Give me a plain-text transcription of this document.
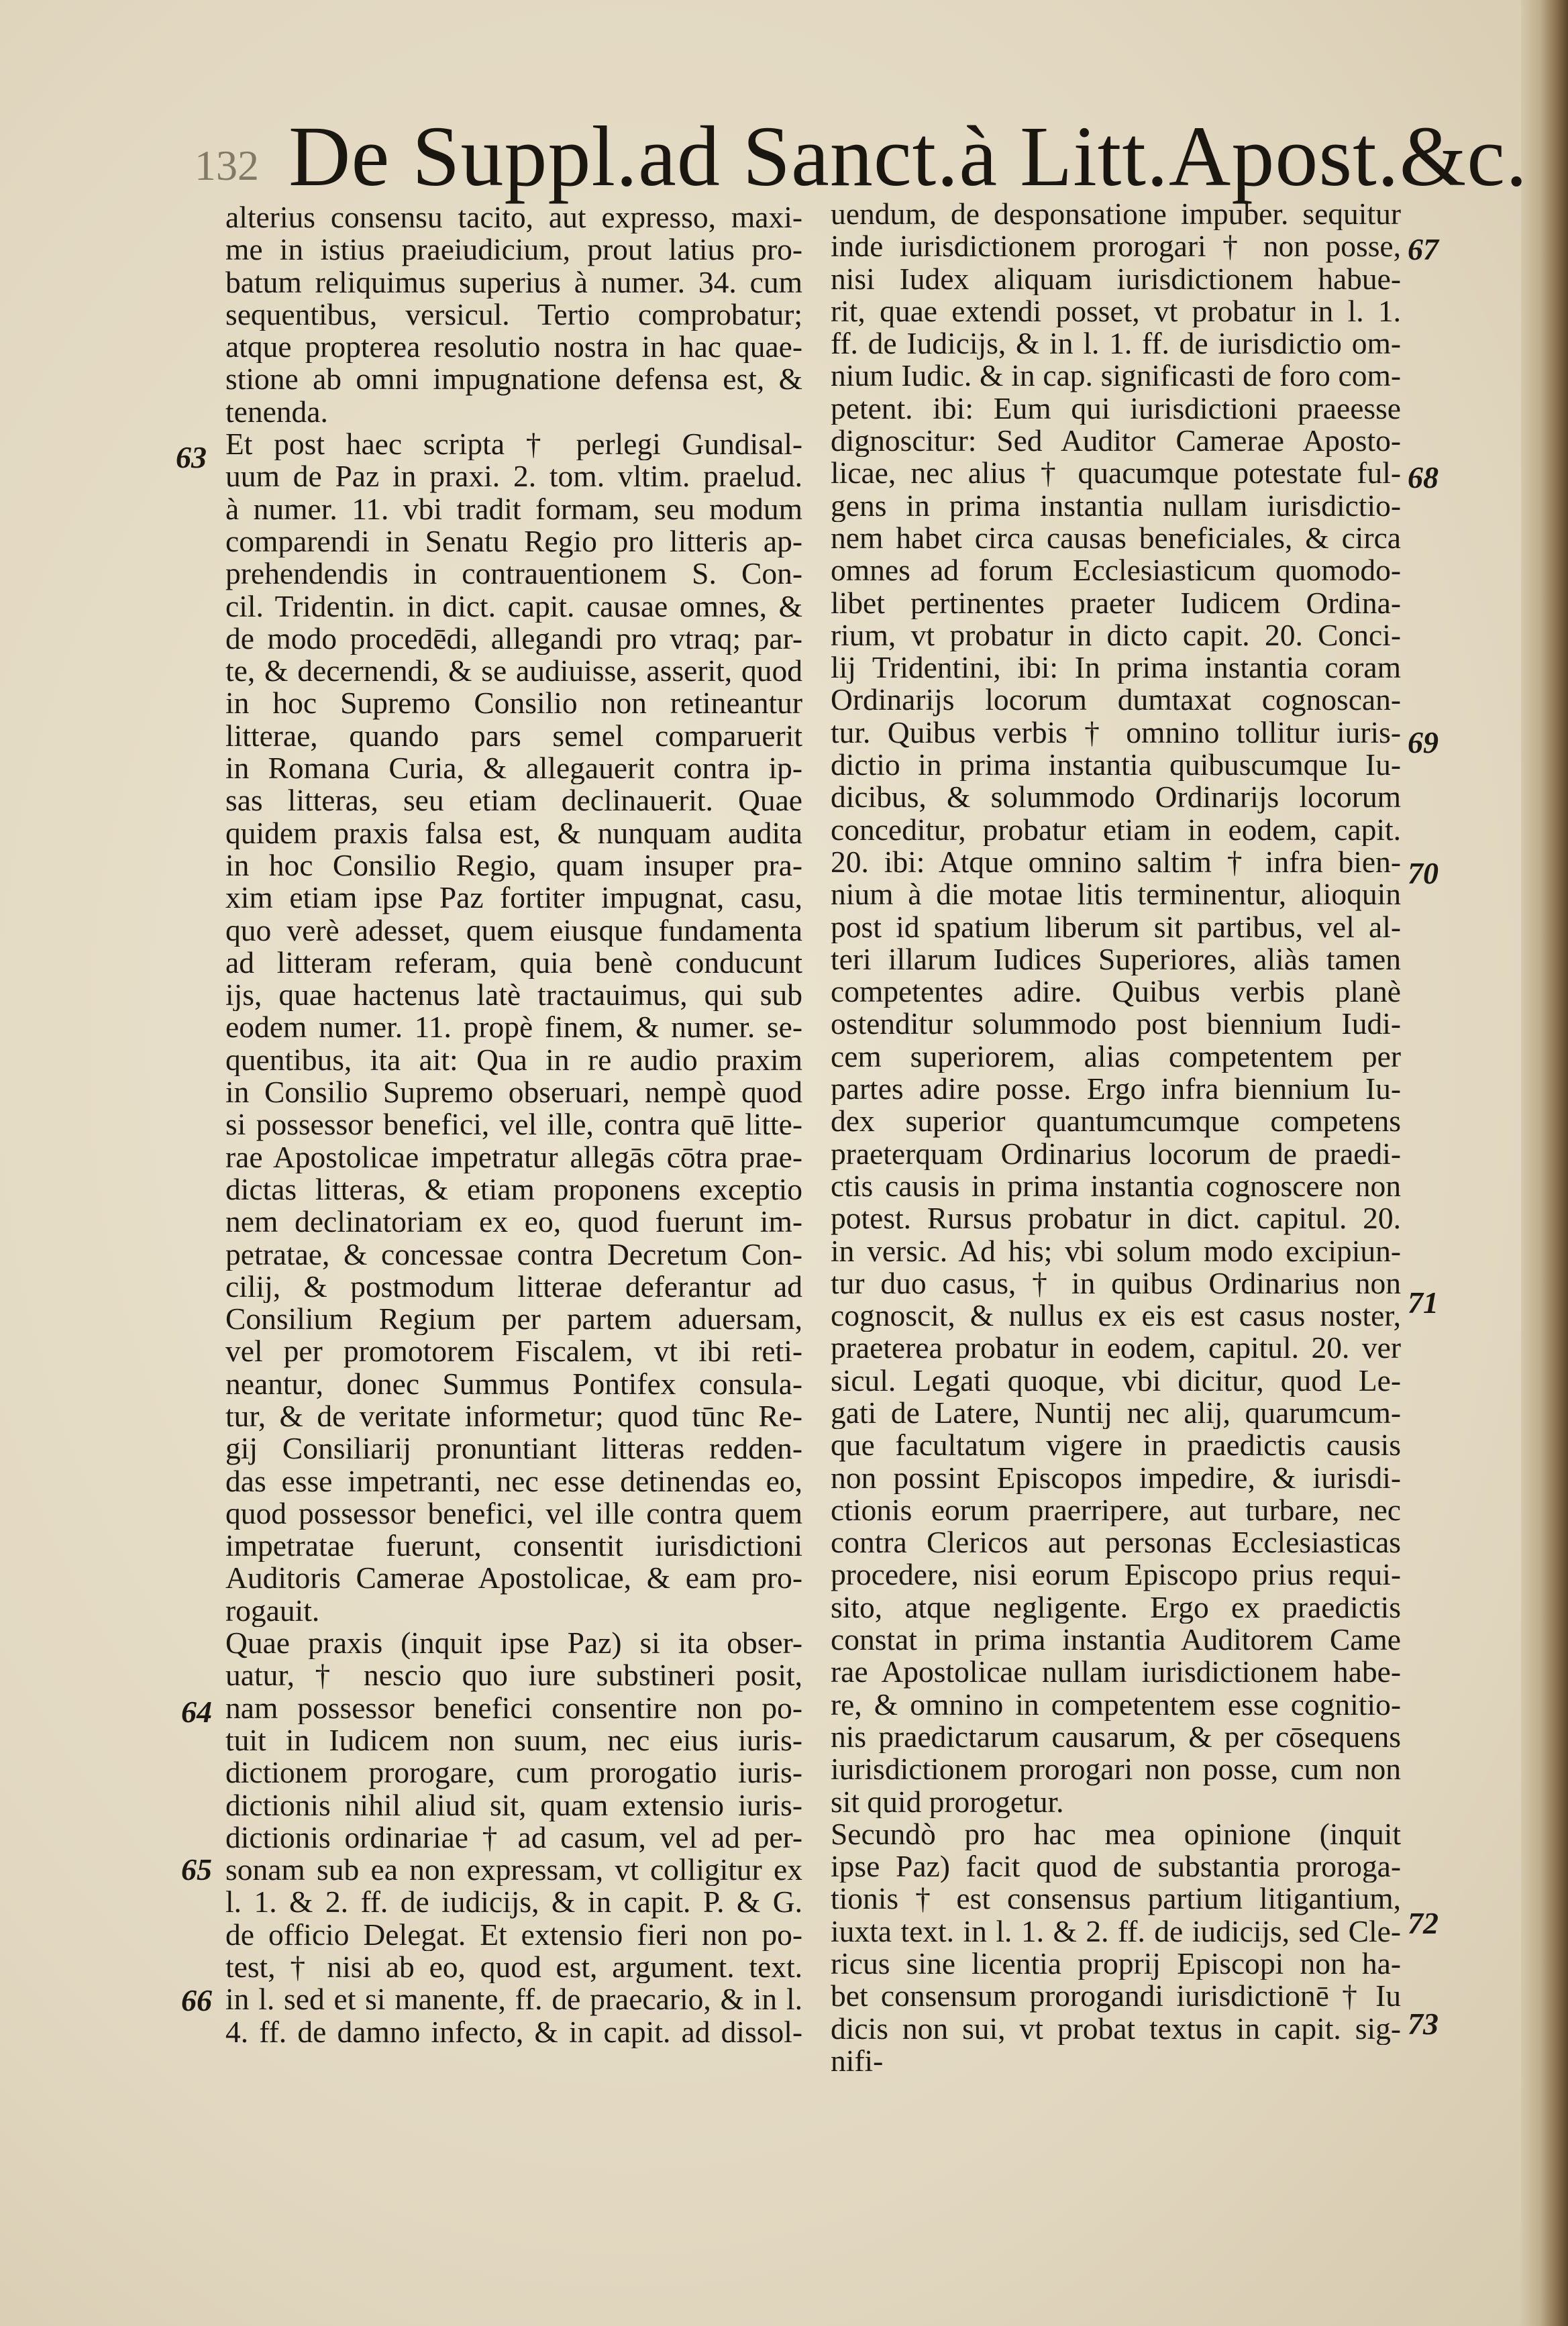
132 De Suppl.ad Sanct.à Litt.Apost.&c.
alterius consensu tacito, aut expresso, maxi-
me in istius praeiudicium, prout latius pro-
batum reliquimus superius à numer. 34. cum
sequentibus, versicul. Tertio comprobatur;
atque propterea resolutio nostra in hac quae-
stione ab omni impugnatione defensa est, &
tenenda.
Et post haec scripta † perlegi Gundisal-
uum de Paz in praxi. 2. tom. vltim. praelud.
à numer. 11. vbi tradit formam, seu modum
comparendi in Senatu Regio pro litteris ap-
prehendendis in contrauentionem S. Con-
cil. Tridentin. in dict. capit. causae omnes, &
de modo procedēdi, allegandi pro vtraq; par-
te, & decernendi, & se audiuisse, asserit, quod
in hoc Supremo Consilio non retineantur
litterae, quando pars semel comparuerit
in Romana Curia, & allegauerit contra ip-
sas litteras, seu etiam declinauerit. Quae
quidem praxis falsa est, & nunquam audita
in hoc Consilio Regio, quam insuper pra-
xim etiam ipse Paz fortiter impugnat, casu,
quo verè adesset, quem eiusque fundamenta
ad litteram referam, quia benè conducunt
ijs, quae hactenus latè tractauimus, qui sub
eodem numer. 11. propè finem, & numer. se-
quentibus, ita ait: Qua in re audio praxim
in Consilio Supremo obseruari, nempè quod
si possessor benefici, vel ille, contra quē litte-
rae Apostolicae impetratur allegās cōtra prae-
dictas litteras, & etiam proponens exceptio
nem declinatoriam ex eo, quod fuerunt im-
petratae, & concessae contra Decretum Con-
cilij, & postmodum litterae deferantur ad
Consilium Regium per partem aduersam,
vel per promotorem Fiscalem, vt ibi reti-
neantur, donec Summus Pontifex consula-
tur, & de veritate informetur; quod tūnc Re-
gij Consiliarij pronuntiant litteras redden-
das esse impetranti, nec esse detinendas eo,
quod possessor benefici, vel ille contra quem
impetratae fuerunt, consentit iurisdictioni
Auditoris Camerae Apostolicae, & eam pro-
rogauit.
Quae praxis (inquit ipse Paz) si ita obser-
uatur, † nescio quo iure substineri posit,
nam possessor benefici consentire non po-
tuit in Iudicem non suum, nec eius iuris-
dictionem prorogare, cum prorogatio iuris-
dictionis nihil aliud sit, quam extensio iuris-
dictionis ordinariae † ad casum, vel ad per-
sonam sub ea non expressam, vt colligitur ex
l. 1. & 2. ff. de iudicijs, & in capit. P. & G.
de officio Delegat. Et extensio fieri non po-
test, † nisi ab eo, quod est, argument. text.
in l. sed et si manente, ff. de praecario, & in l.
4. ff. de damno infecto, & in capit. ad dissol-
uendum, de desponsatione impuber. sequitur
inde iurisdictionem prorogari † non posse,
nisi Iudex aliquam iurisdictionem habue-
rit, quae extendi posset, vt probatur in l. 1.
ff. de Iudicijs, & in l. 1. ff. de iurisdictio om-
nium Iudic. & in cap. significasti de foro com-
petent. ibi: Eum qui iurisdictioni praeesse
dignoscitur: Sed Auditor Camerae Aposto-
licae, nec alius † quacumque potestate ful-
gens in prima instantia nullam iurisdictio-
nem habet circa causas beneficiales, & circa
omnes ad forum Ecclesiasticum quomodo-
libet pertinentes praeter Iudicem Ordina-
rium, vt probatur in dicto capit. 20. Conci-
lij Tridentini, ibi: In prima instantia coram
Ordinarijs locorum dumtaxat cognoscan-
tur. Quibus verbis † omnino tollitur iuris-
dictio in prima instantia quibuscumque Iu-
dicibus, & solummodo Ordinarijs locorum
conceditur, probatur etiam in eodem, capit.
20. ibi: Atque omnino saltim † infra bien-
nium à die motae litis terminentur, alioquin
post id spatium liberum sit partibus, vel al-
teri illarum Iudices Superiores, aliàs tamen
competentes adire. Quibus verbis planè
ostenditur solummodo post biennium Iudi-
cem superiorem, alias competentem per
partes adire posse. Ergo infra biennium Iu-
dex superior quantumcumque competens
praeterquam Ordinarius locorum de praedi-
ctis causis in prima instantia cognoscere non
potest. Rursus probatur in dict. capitul. 20.
in versic. Ad his; vbi solum modo excipiun-
tur duo casus, † in quibus Ordinarius non
cognoscit, & nullus ex eis est casus noster,
praeterea probatur in eodem, capitul. 20. ver
sicul. Legati quoque, vbi dicitur, quod Le-
gati de Latere, Nuntij nec alij, quarumcum-
que facultatum vigere in praedictis causis
non possint Episcopos impedire, & iurisdi-
ctionis eorum praerripere, aut turbare, nec
contra Clericos aut personas Ecclesiasticas
procedere, nisi eorum Episcopo prius requi-
sito, atque negligente. Ergo ex praedictis
constat in prima instantia Auditorem Came
rae Apostolicae nullam iurisdictionem habe-
re, & omnino in competentem esse cognitio-
nis praedictarum causarum, & per cōsequens
iurisdictionem prorogari non posse, cum non
sit quid prorogetur.
Secundò pro hac mea opinione (inquit
ipse Paz) facit quod de substantia proroga-
tionis † est consensus partium litigantium,
iuxta text. in l. 1. & 2. ff. de iudicijs, sed Cle-
ricus sine licentia proprij Episcopi non ha-
bet consensum prorogandi iurisdictionē † Iu
dicis non sui, vt probat textus in capit. sig-
nifi-
63
64
65
66
67
68
69
70
71
72
73
